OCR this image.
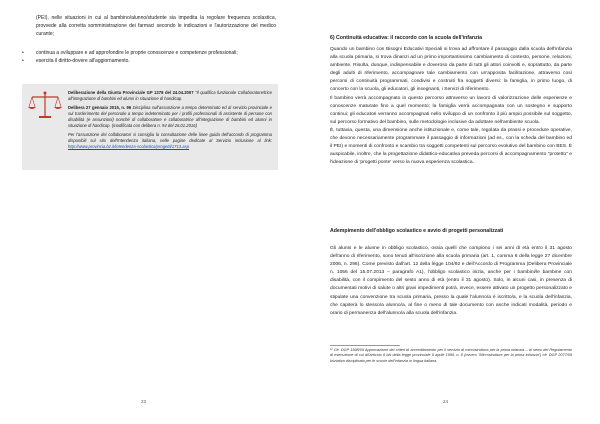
(PEI), nelle situazioni in cui al bambino/alunno/studente sia impedita la regolare frequenza scolastica, provvede alla corretta somministrazione dei farmaci secondo le indicazioni e l'autorizzazione del medico curante;
• continua a sviluppare e ad approfondire le proprie conoscenze e competenze professionali;
• esercita il diritto-dovere all'aggiornamento.

Deliberazione della Giunta Provinciale GP 1378 del 24.04.2007 "Il qualifica funzionale Collaboratore/trice all'integrazione di bambini ed alunni in situazione di handicap.

Delibera 27 gennaio 2015, n. 96 Disciplina sull'assunzione a tempo determinato ed al servizio provinciale e sul trasferimento del personale a tempo indeterminato per i profili professionali di assistente di persone con disabilità (e assunzioni) nonché di collaboratore e collaboratrice all'integrazione di bambini ed alunni in situazione di handicap. (modificata con delibera n. 94 del 26.01.2016)

Per l'assunzione dei collaboratori si consiglia la consultazione delle linee guida dell'accordo di programma disponibili sul sito dell'Intendenza italiana, nelle pagine dedicate al Servizio inclusione al link: http://www.provincia.bz.it/intendenza-scolastica/progetti/1713.asp

23
6) Continuità educativa: il raccordo con la scuola dell'infanzia

Quando un bambino con Bisogni Educativi Speciali si trova ad affrontare il passaggio dalla scuola dell'infanzia alla scuola primaria, si trova dinanzi ad un primo importantissimo cambiamento di contesto, persone, relazioni, ambiente. Risulta, dunque, indispensabile e doveroso da parte di tutti gli attori coinvolti e, soprattutto, da parte degli adulti di riferimento, accompagnare tale cambiamento con un'apposita facilitazione, attraverso così percorsi di continuità programmati, condivisi e costruiti fra soggetti diversi: la famiglia, in primo luogo, di concerto con la scuola, gli educatori, gli insegnanti, i Servizi di riferimento.

Il bambino verrà accompagnato in questo percorso attraverso un lavoro di valorizzazione delle esperienze e conoscenze maturate fino a quel momento; la famiglia verrà accompagnata con un sostegno e supporto continui; gli educatori verranno accompagnati nello sviluppo di un confronto il più ampio possibile sul soggetto, sul percorso formativo del bambino, sulle metodologie inclusive da adottare nell'ambiente scuola.

È, tuttavia, questa, una dimensione anche istituzionale e, come tale, regolata da prassi e procedure operative, che devono necessariamente programmare il passaggio di informazioni (ad es., con la scheda del bambino ed il PEI) e momenti di confronto e scambio tra soggetti competenti sul percorso evolutivo del bambino con BES. È auspicabile, inoltre, che la progettazione didattico-educativa preveda percorsi di accompagnamento "protetto" e l'ideazione di 'progetti ponte' verso la nuova esperienza scolastica.

Adempimento dell'obbligo scolastico e avvio di progetti personalizzati

Gli alunni e le alunne in obbligo scolastico, ossia quelli che compiono i sei anni di età entro il 31 agosto dell'anno di riferimento, sono tenuti all'iscrizione alla scuola primaria (art. 1, comma 6 della legge 27 dicembre 2006, n. 296). Come previsto dall'art. 12 della legge 104/92 e dell'Accordo di Programma (Delibera Provinciale n. 1056 del 15.07.2013 – paragrafo A1), l'obbligo scolastico inizia, anche per i bambini/le bambine con disabilità, con il compimento del sesto anno di età (entro il 31 agosto). Solo, in alcuni casi, in presenza di documentati motivi di salute o altri gravi impedimenti potrà, invece, essere attivato un progetto personalizzato e stipulate una convenzione tra scuola primaria, presso la quale l'alunno/a è iscritto/a, e la scuola dell'infanzia, che capiterà lo stesso/a alunno/a, al fine o meno di tale documento con anche indicati modalità, periodo e orario di permanenza dell'alunno/a alla scuola dell'infanzia.

¹² Cfr. DGP 1598/09 Approvazione dei criteri di accreditamento per il servizio di microstruttura per la prima infanzia – ai sensi del Regolamento di esecuzione di cui all'articolo 6 bis della legge provinciale 9 aprile 1996, n. 8 (ovvero "Microstrutture per la prima infanzia") cfr. DGP 2077/09 Iniziativa disciplinata per le scuole dell'infanzia in lingua italiana.

24
